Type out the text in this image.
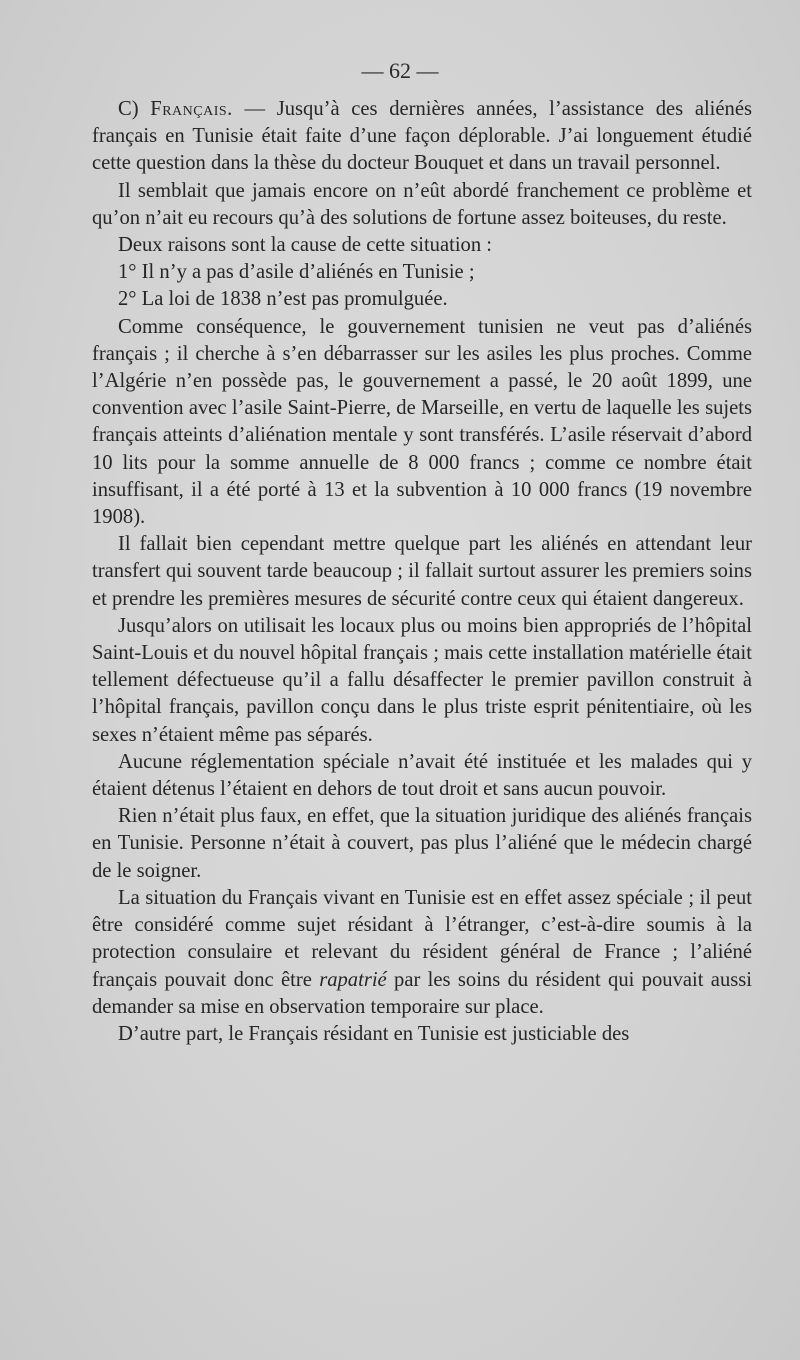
— 62 —

C) Français. — Jusqu’à ces dernières années, l’assistance des aliénés français en Tunisie était faite d’une façon déplorable. J’ai longuement étudié cette question dans la thèse du docteur Bouquet et dans un travail personnel.

Il semblait que jamais encore on n’eût abordé franchement ce problème et qu’on n’ait eu recours qu’à des solutions de fortune assez boiteuses, du reste.

Deux raisons sont la cause de cette situation :

1° Il n’y a pas d’asile d’aliénés en Tunisie ;

2° La loi de 1838 n’est pas promulguée.

Comme conséquence, le gouvernement tunisien ne veut pas d’aliénés français ; il cherche à s’en débarrasser sur les asiles les plus proches. Comme l’Algérie n’en possède pas, le gouvernement a passé, le 20 août 1899, une convention avec l’asile Saint-Pierre, de Marseille, en vertu de laquelle les sujets français atteints d’aliénation mentale y sont transférés. L’asile réservait d’abord 10 lits pour la somme annuelle de 8 000 francs ; comme ce nombre était insuffisant, il a été porté à 13 et la subvention à 10 000 francs (19 novembre 1908).

Il fallait bien cependant mettre quelque part les aliénés en attendant leur transfert qui souvent tarde beaucoup ; il fallait surtout assurer les premiers soins et prendre les premières mesures de sécurité contre ceux qui étaient dangereux.

Jusqu’alors on utilisait les locaux plus ou moins bien appropriés de l’hôpital Saint-Louis et du nouvel hôpital français ; mais cette installation matérielle était tellement défectueuse qu’il a fallu désaffecter le premier pavillon construit à l’hôpital français, pavillon conçu dans le plus triste esprit pénitentiaire, où les sexes n’étaient même pas séparés.

Aucune réglementation spéciale n’avait été instituée et les malades qui y étaient détenus l’étaient en dehors de tout droit et sans aucun pouvoir.

Rien n’était plus faux, en effet, que la situation juridique des aliénés français en Tunisie. Personne n’était à couvert, pas plus l’aliéné que le médecin chargé de le soigner.

La situation du Français vivant en Tunisie est en effet assez spéciale ; il peut être considéré comme sujet résidant à l’étranger, c’est-à-dire soumis à la protection consulaire et relevant du résident général de France ; l’aliéné français pouvait donc être rapatrié par les soins du résident qui pouvait aussi demander sa mise en observation temporaire sur place.

D’autre part, le Français résidant en Tunisie est justiciable des
